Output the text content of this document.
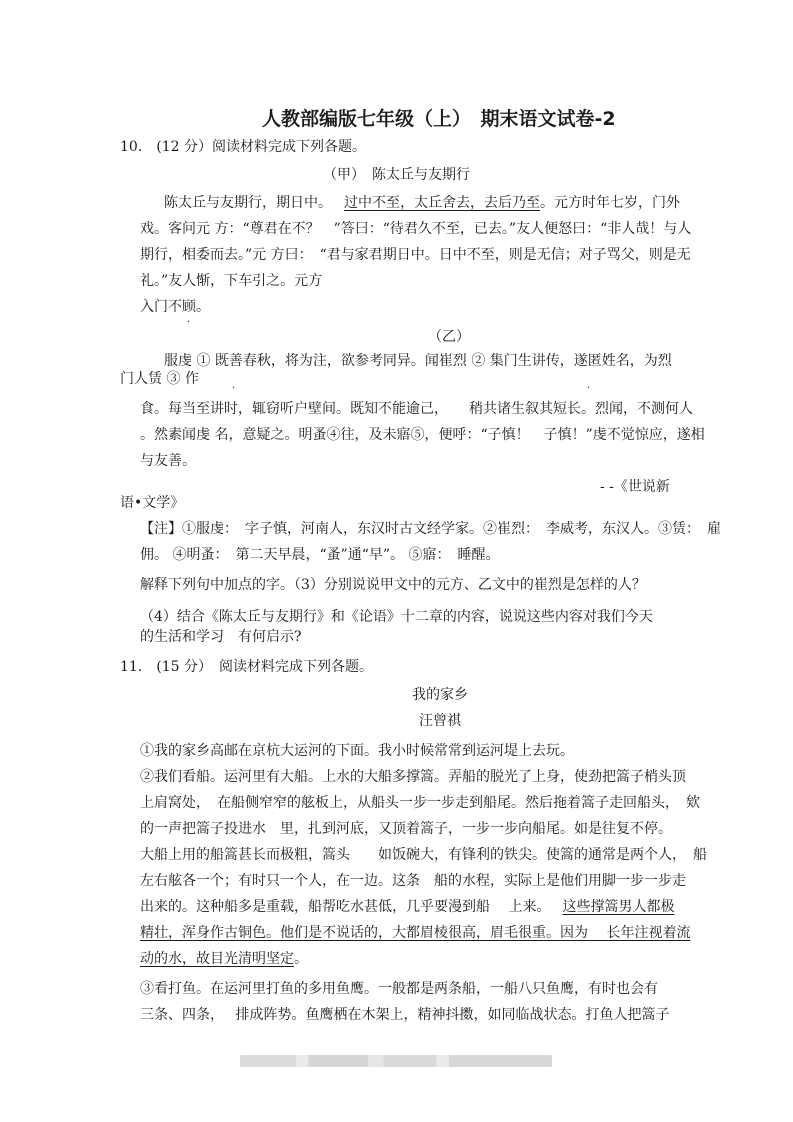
人教部编版七年级（上）　期末语文试卷-2
10.　(12 分）阅读材料完成下列各题。
（甲）　陈太丘与友期行
陈太丘与友期行，期日中。 过中不至，太丘舍去，去后乃至。元方时年七岁，门外
戏。客问元 方：“尊君在不？　”答曰：“待君久不至，已去。”友人便怒曰：“非人哉！与人
期行，相委而去。”元 方曰：　“君与家君期日中。日中不至，则是无信；对子骂父，则是无
礼。”友人惭，下车引之。元方
入门不顾。
·
（乙）
服虔 ① 既善春秋，将为注，欲参考同异。闻崔烈 ② 集门生讲传，遂匿姓名，为烈
门人赁 ③ 作
·	·
食。每当至讲时，辄窃听户壁间。既知不能逾己，　　稍共诸生叙其短长。烈闻，不测何人
。然素闻虔 名，意疑之。明蚤④往，及未寤⑤，便呼：“子慎！　子慎！”虔不觉惊应，遂相
与友善。
- -《世说新
语•文学》
【注】①服虔：　字子慎，河南人，东汉时古文经学家。②崔烈：　李威考，东汉人。③赁：　雇
佣。 ④明蚤：　第二天早晨，“蚤”通“早”。 ⑤寤：　睡醒。
解释下列句中加点的字。（3）分别说说甲文中的元方、乙文中的崔烈是怎样的人？
（4）结合《陈太丘与友期行》和《论语》十二章的内容，说说这些内容对我们今天
的生活和学习　有何启示?
11.　(15 分）　阅读材料完成下列各题。
我的家乡
汪曾祺
①我的家乡高邮在京杭大运河的下面。我小时候常常到运河堤上去玩。
②我们看船。运河里有大船。上水的大船多撑篙。弄船的脱光了上身，使劲把篙子梢头顶
上肩窝处，　在船侧窄窄的舷板上，从船头一步一步走到船尾。然后拖着篙子走回船头，　欸
的一声把篙子投进水　里，扎到河底，又顶着篙子，一步一步向船尾。如是往复不停。
大船上用的船篙甚长而极粗，篙头　　如饭碗大，有锋利的铁尖。使篙的通常是两个人，　船
左右舷各一个；有时只一个人，在一边。这条　船的水程，实际上是他们用脚一步一步走
出来的。这种船多是重载，船帮吃水甚低，几乎要漫到船　 上来。 这些撑篙男人都极
精壮，浑身作古铜色。他们是不说话的，大都眉棱很高，眉毛很重。因为　 长年注视着流
动的水，故目光清明坚定。
③看打鱼。在运河里打鱼的多用鱼鹰。一般都是两条船，一船八只鱼鹰，有时也会有
三条、四条，　 排成阵势。鱼鹰栖在木架上，精神抖擞，如同临战状态。打鱼人把篙子
